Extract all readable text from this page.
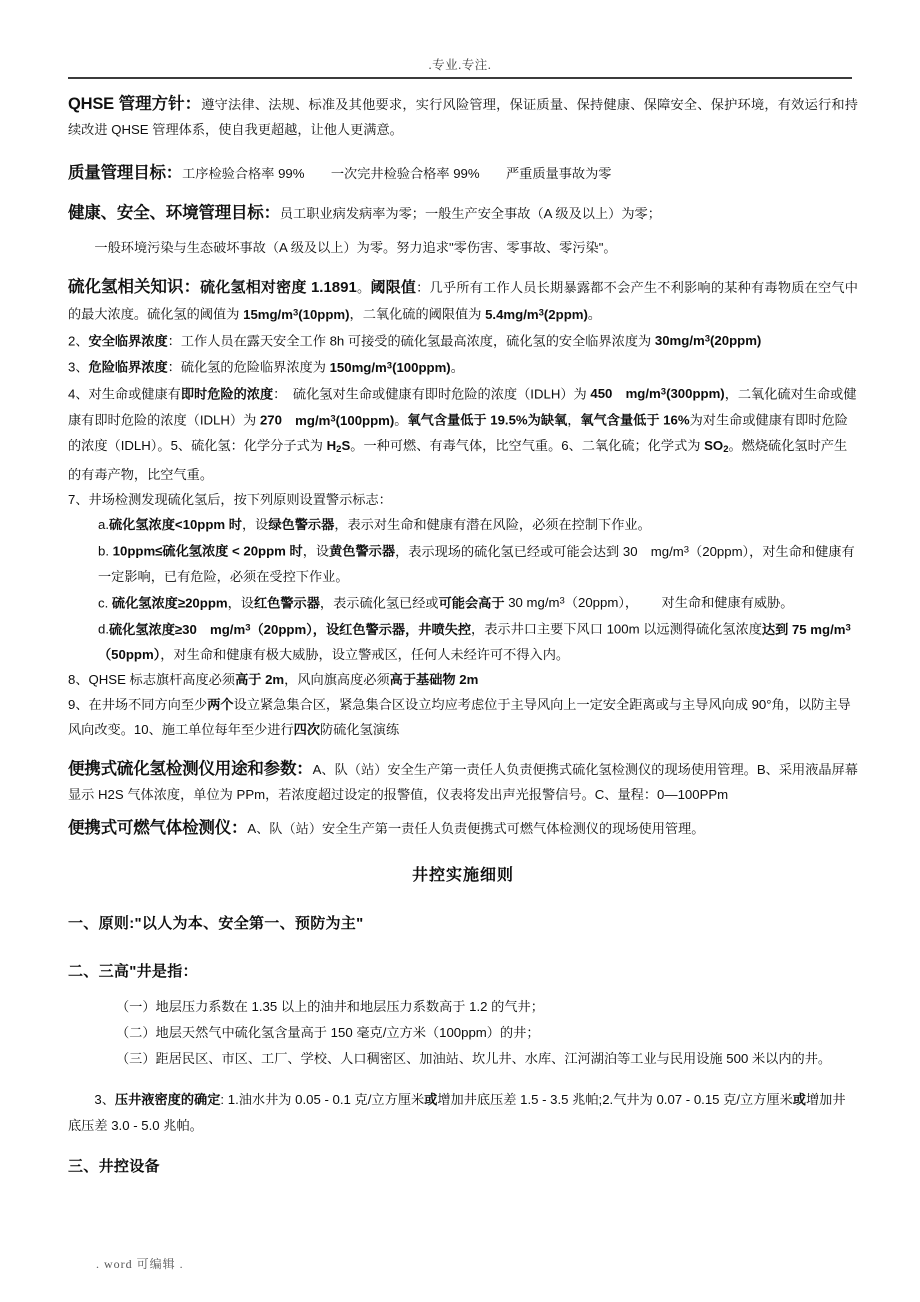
.专业.专注.

QHSE 管理方针：遵守法律、法规、标准及其他要求，实行风险管理，保证质量、保持健康、保障安全、保护环境，有效运行和持续改进 QHSE 管理体系，使自我更超越，让他人更满意。

质量管理目标：工序检验合格率 99%　　一次完井检验合格率 99%　　严重质量事故为零

健康、安全、环境管理目标：员工职业病发病率为零；一般生产安全事故（A 级及以上）为零；

一般环境污染与生态破坏事故（A 级及以上）为零。努力追求"零伤害、零事故、零污染"。

硫化氢相关知识：硫化氢相对密度 1.1891。阈限值：几乎所有工作人员长期暴露都不会产生不利影响的某种有毒物质在空气中的最大浓度。硫化氢的阈值为 $15mg/m^3(10ppm)$，二氧化硫的阈限值为 $5.4mg/m^3(2ppm)$。

2、安全临界浓度：工作人员在露天安全工作 8h 可接受的硫化氢最高浓度，硫化氢的安全临界浓度为 $30mg/m^3(20ppm)$

3、危险临界浓度：硫化氢的危险临界浓度为 $150mg/m^3(100ppm)$。

4、对生命或健康有即时危险的浓度：　硫化氢对生命或健康有即时危险的浓度（IDLH）为 450　$mg/m^3(300ppm)$，二氧化硫对生命或健康有即时危险的浓度（IDLH）为 270　$mg/m^3(100ppm)$。氧气含量低于 19.5%为缺氧，氧气含量低于 16%为对生命或健康有即时危险的浓度（IDLH）。5、硫化氢：化学分子式为 $H_2S$。一种可燃、有毒气体，比空气重。6、二氧化硫；化学式为 $SO_2$。燃烧硫化氢时产生的有毒产物，比空气重。

7、井场检测发现硫化氢后，按下列原则设置警示标志：

a.硫化氢浓度<10ppm 时，设绿色警示器，表示对生命和健康有潜在风险，必须在控制下作业。

b. 10ppm≤硫化氢浓度 < 20ppm 时，设黄色警示器，表示现场的硫化氢已经或可能会达到 30　$mg/m^3(20ppm)$，对生命和健康有一定影响，已有危险，必须在受控下作业。

c. 硫化氢浓度≥20ppm，设红色警示器，表示硫化氢已经或可能会高于 30 $mg/m^3(20ppm)$，　　 对生命和健康有威胁。

d.硫化氢浓度≥30　$mg/m^3(20ppm)$，设红色警示器，井喷失控，表示井口主要下风口 100m 以远测得硫化氢浓度达到 75 $mg/m^3(50ppm)$，对生命和健康有极大威胁，设立警戒区，任何人未经许可不得入内。

8、QHSE 标志旗杆高度必须高于 2m，风向旗高度必须高于基础物 2m

9、在井场不同方向至少两个设立紧急集合区，紧急集合区设立均应考虑位于主导风向上一定安全距离或与主导风向成 90°角，以防主导风向改变。10、施工单位每年至少进行四次防硫化氢演练

便携式硫化氢检测仪用途和参数：A、队（站）安全生产第一责任人负责便携式硫化氢检测仪的现场使用管理。B、采用液晶屏幕显示 H2S 气体浓度，单位为 PPm，若浓度超过设定的报警值，仪表将发出声光报警信号。C、量程：0—100PPm

便携式可燃气体检测仪：A、队（站）安全生产第一责任人负责便携式可燃气体检测仪的现场使用管理。

井控实施细则

一、原则:"以人为本、安全第一、预防为主"

二、三高"井是指：

（一）地层压力系数在 1.35 以上的油井和地层压力系数高于 1.2 的气井；

（二）地层天然气中硫化氢含量高于 150 毫克/立方米（100ppm）的井；

（三）距居民区、市区、工厂、学校、人口稠密区、加油站、坎儿井、水库、江河湖泊等工业与民用设施 500 米以内的井。

3、压井液密度的确定: 1.油水井为 0.05 - 0.1 克/立方厘米或增加井底压差 1.5 - 3.5 兆帕;2.气井为 0.07 - 0.15 克/立方厘米或增加井底压差 3.0 - 5.0 兆帕。

三、井控设备

. word 可编辑 .
